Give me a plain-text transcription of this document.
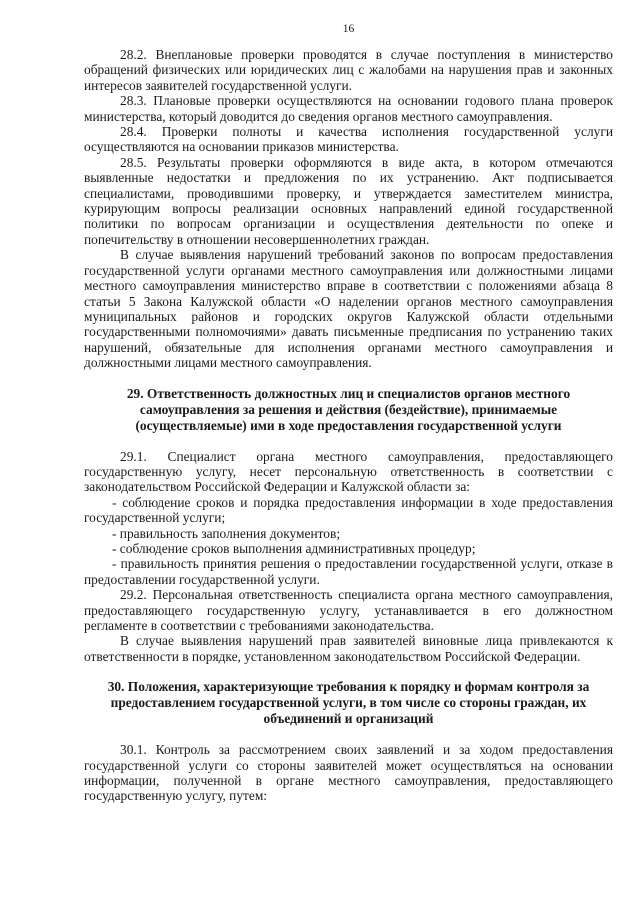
16

28.2. Внеплановые проверки проводятся в случае поступления в министерство обращений физических или юридических лиц с жалобами на нарушения прав и законных интересов заявителей государственной услуги.

28.3. Плановые проверки осуществляются на основании годового плана проверок министерства, который доводится до сведения органов местного самоуправления.

28.4. Проверки полноты и качества исполнения государственной услуги осуществляются на основании приказов министерства.

28.5. Результаты проверки оформляются в виде акта, в котором отмечаются выявленные недостатки и предложения по их устранению. Акт подписывается специалистами, проводившими проверку, и утверждается заместителем министра, курирующим вопросы реализации основных направлений единой государственной политики по вопросам организации и осуществления деятельности по опеке и попечительству в отношении несовершеннолетних граждан.

В случае выявления нарушений требований законов по вопросам предоставления государственной услуги органами местного самоуправления или должностными лицами местного самоуправления министерство вправе в соответствии с положениями абзаца 8 статьи 5 Закона Калужской области «О наделении органов местного самоуправления муниципальных районов и городских округов Калужской области отдельными государственными полномочиями» давать письменные предписания по устранению таких нарушений, обязательные для исполнения органами местного самоуправления и должностными лицами местного самоуправления.

29. Ответственность должностных лиц и специалистов органов местного самоуправления за решения и действия (бездействие), принимаемые (осуществляемые) ими в ходе предоставления государственной услуги

29.1. Специалист органа местного самоуправления, предоставляющего государственную услугу, несет персональную ответственность в соответствии с законодательством Российской Федерации и Калужской области за:

- соблюдение сроков и порядка предоставления информации в ходе предоставления государственной услуги;

- правильность заполнения документов;

- соблюдение сроков выполнения административных процедур;

- правильность принятия решения о предоставлении государственной услуги, отказе в предоставлении государственной услуги.

29.2. Персональная ответственность специалиста органа местного самоуправления, предоставляющего государственную услугу, устанавливается в его должностном регламенте в соответствии с требованиями законодательства.

В случае выявления нарушений прав заявителей виновные лица привлекаются к ответственности в порядке, установленном законодательством Российской Федерации.

30. Положения, характеризующие требования к порядку и формам контроля за предоставлением государственной услуги, в том числе со стороны граждан, их объединений и организаций

30.1. Контроль за рассмотрением своих заявлений и за ходом предоставления государственной услуги со стороны заявителей может осуществляться на основании информации, полученной в органе местного самоуправления, предоставляющего государственную услугу, путем:
